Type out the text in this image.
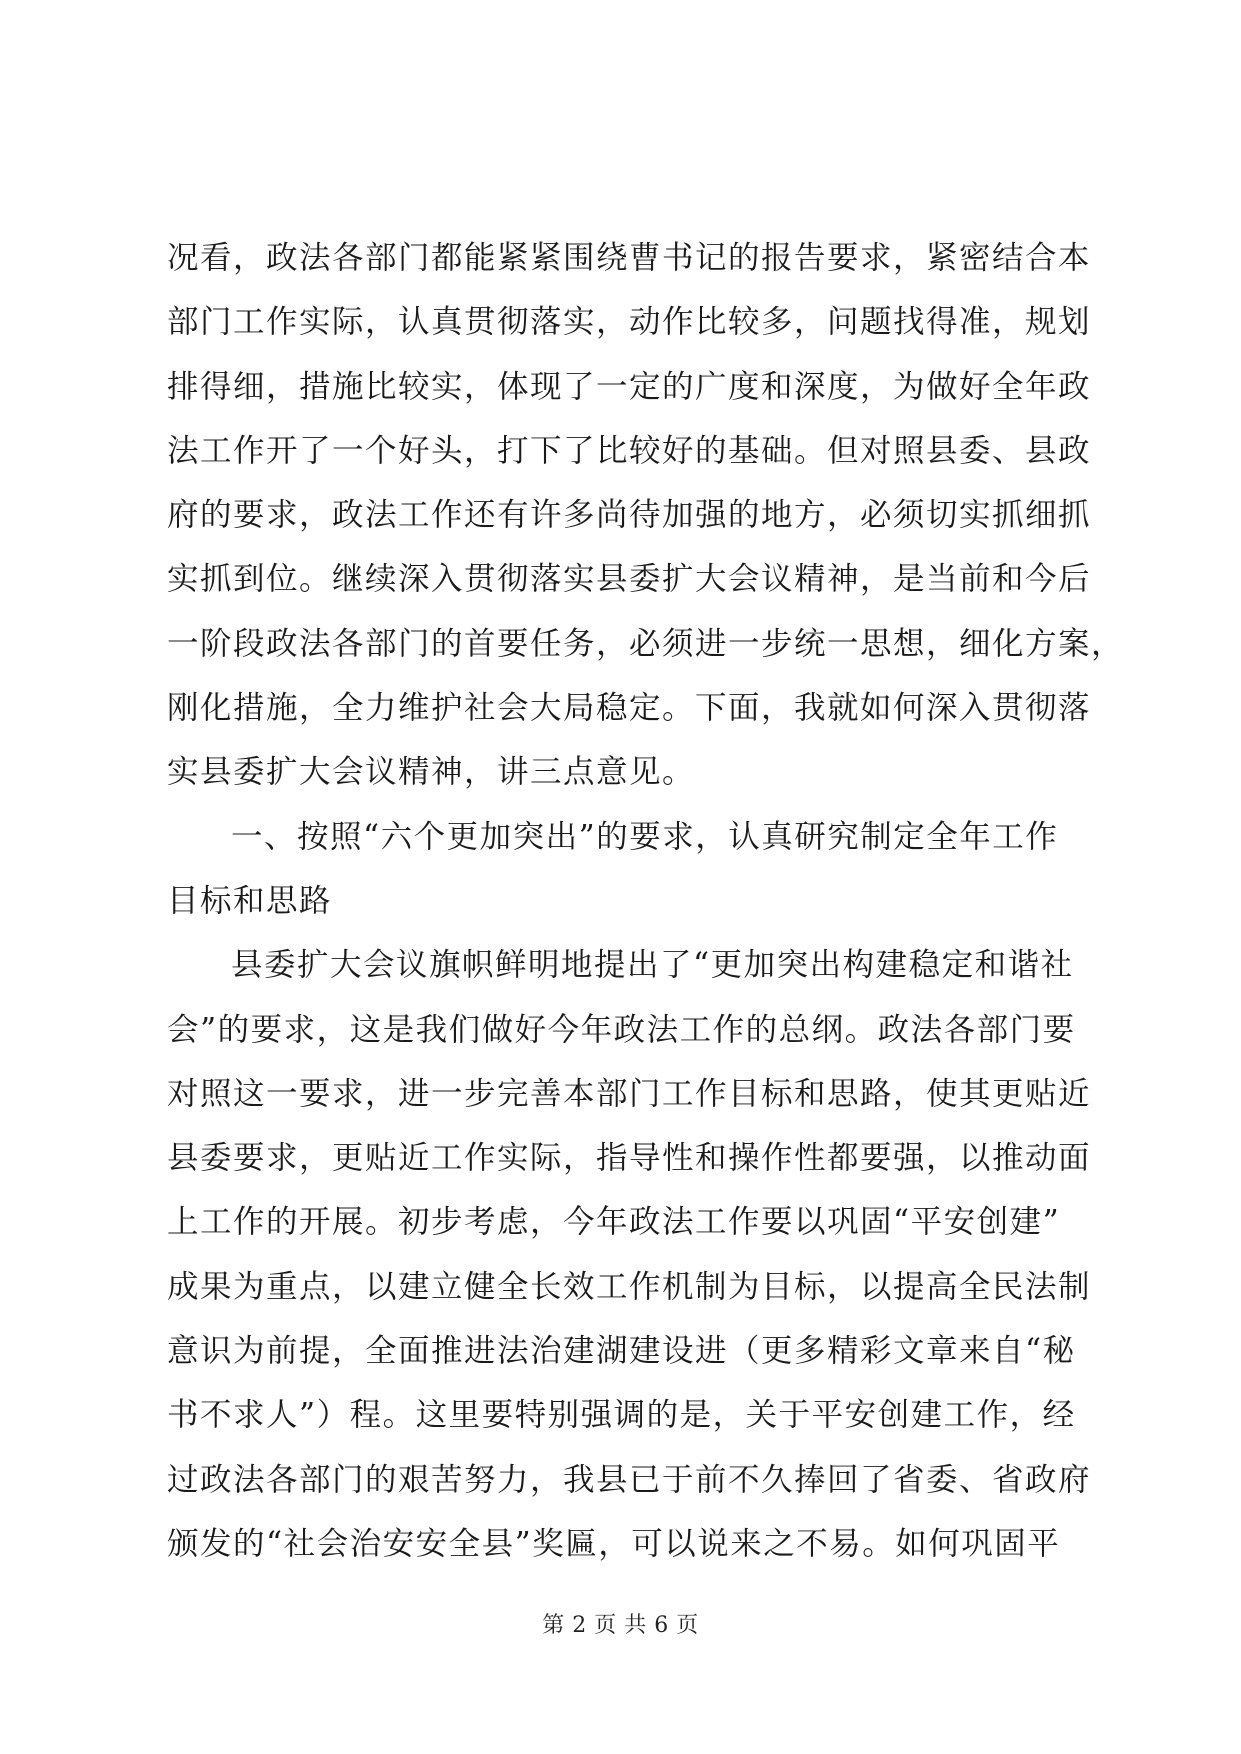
况看，政法各部门都能紧紧围绕曹书记的报告要求，紧密结合本
部门工作实际，认真贯彻落实，动作比较多，问题找得准，规划
排得细，措施比较实，体现了一定的广度和深度，为做好全年政
法工作开了一个好头，打下了比较好的基础。但对照县委、县政
府的要求，政法工作还有许多尚待加强的地方，必须切实抓细抓
实抓到位。继续深入贯彻落实县委扩大会议精神，是当前和今后
一阶段政法各部门的首要任务，必须进一步统一思想，细化方案，
刚化措施，全力维护社会大局稳定。下面，我就如何深入贯彻落
实县委扩大会议精神，讲三点意见。
一、按照“六个更加突出”的要求，认真研究制定全年工作
目标和思路
县委扩大会议旗帜鲜明地提出了“更加突出构建稳定和谐社
会”的要求，这是我们做好今年政法工作的总纲。政法各部门要
对照这一要求，进一步完善本部门工作目标和思路，使其更贴近
县委要求，更贴近工作实际，指导性和操作性都要强，以推动面
上工作的开展。初步考虑，今年政法工作要以巩固“平安创建”
成果为重点，以建立健全长效工作机制为目标，以提高全民法制
意识为前提，全面推进法治建湖建设进（更多精彩文章来自“秘
书不求人”）程。这里要特别强调的是，关于平安创建工作，经
过政法各部门的艰苦努力，我县已于前不久捧回了省委、省政府
颁发的“社会治安安全县”奖匾，可以说来之不易。如何巩固平
第 2 页 共 6 页
